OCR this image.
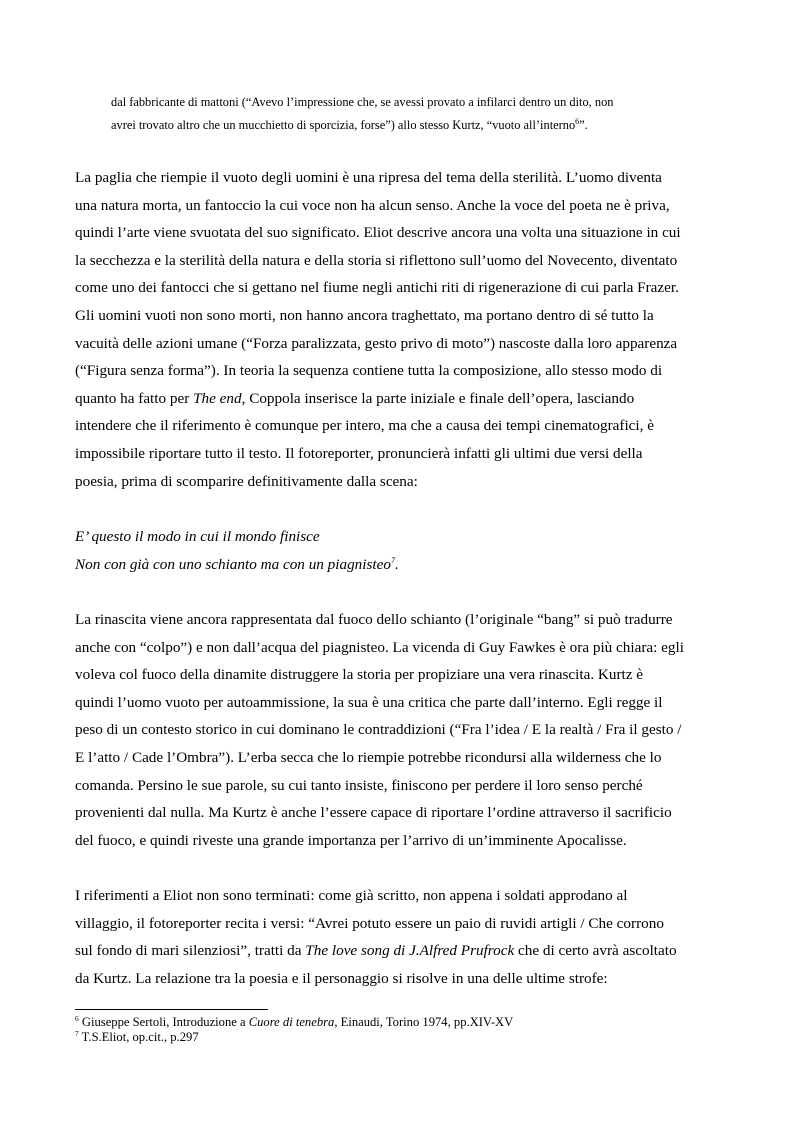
dal fabbricante di mattoni (“Avevo l’impressione che, se avessi provato a infilarci dentro un dito, non
avrei trovato altro che un mucchietto di sporcizia, forse”) allo stesso Kurtz, “vuoto all’interno$^6$”.
La paglia che riempie il vuoto degli uomini è una ripresa del tema della sterilità. L’uomo diventa
una natura morta, un fantoccio la cui voce non ha alcun senso. Anche la voce del poeta ne è priva,
quindi l’arte viene svuotata del suo significato. Eliot descrive ancora una volta una situazione in cui
la secchezza e la sterilità della natura e della storia si riflettono sull’uomo del Novecento, diventato
come uno dei fantocci che si gettano nel fiume negli antichi riti di rigenerazione di cui parla Frazer.
Gli uomini vuoti non sono morti, non hanno ancora traghettato, ma portano dentro di sé tutto la
vacuità delle azioni umane (“Forza paralizzata, gesto privo di moto”) nascoste dalla loro apparenza
(“Figura senza forma”). In teoria la sequenza contiene tutta la composizione, allo stesso modo di
quanto ha fatto per The end, Coppola inserisce la parte iniziale e finale dell’opera, lasciando
intendere che il riferimento è comunque per intero, ma che a causa dei tempi cinematografici, è
impossibile riportare tutto il testo. Il fotoreporter, pronuncierà infatti gli ultimi due versi della
poesia, prima di scomparire definitivamente dalla scena:
E’ questo il modo in cui il mondo finisce
Non con già con uno schianto ma con un piagnisteo$^7$.
La rinascita viene ancora rappresentata dal fuoco dello schianto (l’originale “bang” si può tradurre
anche con “colpo”) e non dall’acqua del piagnisteo. La vicenda di Guy Fawkes è ora più chiara: egli
voleva col fuoco della dinamite distruggere la storia per propiziare una vera rinascita. Kurtz è
quindi l’uomo vuoto per autoammissione, la sua è una critica che parte dall’interno. Egli regge il
peso di un contesto storico in cui dominano le contraddizioni (“Fra l’idea / E la realtà / Fra il gesto /
E l’atto / Cade l’Ombra”). L’erba secca che lo riempie potrebbe ricondursi alla wilderness che lo
comanda. Persino le sue parole, su cui tanto insiste, finiscono per perdere il loro senso perché
provenienti dal nulla. Ma Kurtz è anche l’essere capace di riportare l’ordine attraverso il sacrificio
del fuoco, e quindi riveste una grande importanza per l’arrivo di un’imminente Apocalisse.
I riferimenti a Eliot non sono terminati: come già scritto, non appena i soldati approdano al
villaggio, il fotoreporter recita i versi: “Avrei potuto essere un paio di ruvidi artigli / Che corrono
sul fondo di mari silenziosi”, tratti da The love song di J.Alfred Prufrock che di certo avrà ascoltato
da Kurtz. La relazione tra la poesia e il personaggio si risolve in una delle ultime strofe:
$^6$ Giuseppe Sertoli, Introduzione a Cuore di tenebra, Einaudi, Torino 1974, pp.XIV-XV
$^7$ T.S.Eliot, op.cit., p.297
